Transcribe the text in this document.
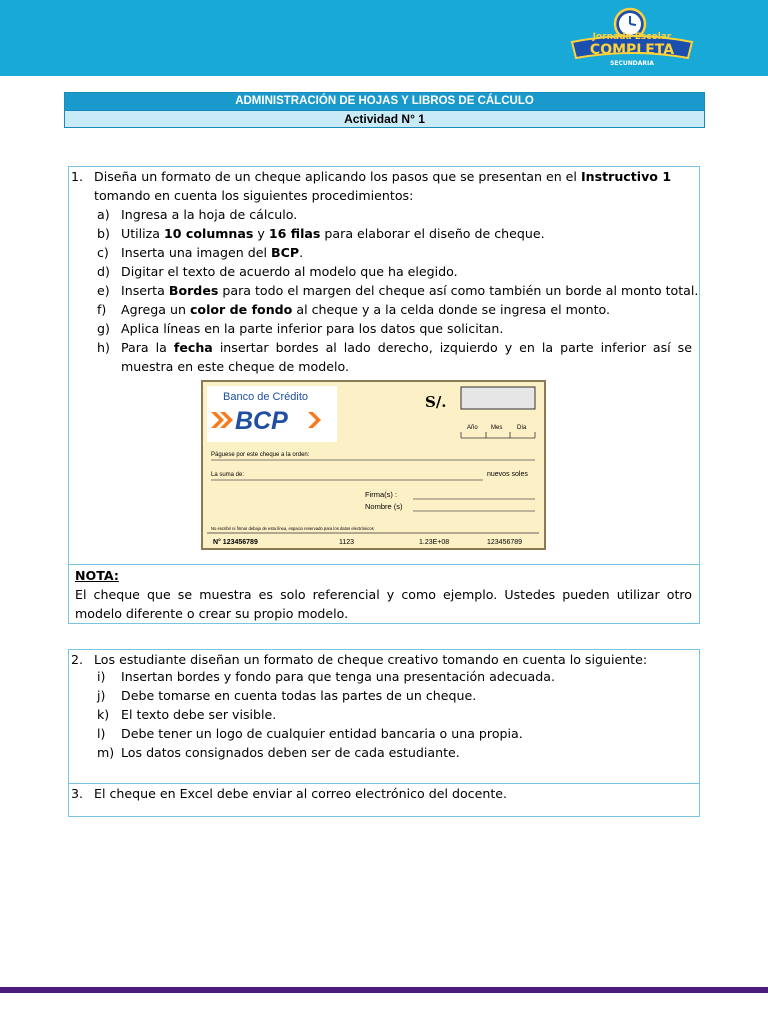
Jornada Escolar
COMPLETA
SECUNDARIA
ADMINISTRACIÓN DE HOJAS Y LIBROS DE CÁLCULO
Actividad N° 1
1. Diseña un formato de un cheque aplicando los pasos que se presentan en el Instructivo 1
tomando en cuenta los siguientes procedimientos:
a) Ingresa a la hoja de cálculo.
b) Utiliza 10 columnas y 16 filas para elaborar el diseño de cheque.
c) Inserta una imagen del BCP.
d) Digitar el texto de acuerdo al modelo que ha elegido.
e) Inserta Bordes para todo el margen del cheque así como también un borde al monto total.
f) Agrega un color de fondo al cheque y a la celda donde se ingresa el monto.
g) Aplica líneas en la parte inferior para los datos que solicitan.
h) Para la fecha insertar bordes al lado derecho, izquierdo y en la parte inferior así se muestra en este cheque de modelo.
Banco de Crédito
BCP
S/.
Año Mes Día
Páguese por este cheque a la orden:
La suma de:	nuevos soles
Firma(s) :
Nombre (s)
No escribir ni firmar debajo de esta línea, espacio reservado para los datos electrónicos
N° 123456789	1123	1.23E+08	123456789
NOTA:
El cheque que se muestra es solo referencial y como ejemplo. Ustedes pueden utilizar otro modelo diferente o crear su propio modelo.
2. Los estudiante diseñan un formato de cheque creativo tomando en cuenta lo siguiente:
i) Insertan bordes y fondo para que tenga una presentación adecuada.
j) Debe tomarse en cuenta todas las partes de un cheque.
k) El texto debe ser visible.
l) Debe tener un logo de cualquier entidad bancaria o una propia.
m) Los datos consignados deben ser de cada estudiante.
3. El cheque en Excel debe enviar al correo electrónico del docente.
